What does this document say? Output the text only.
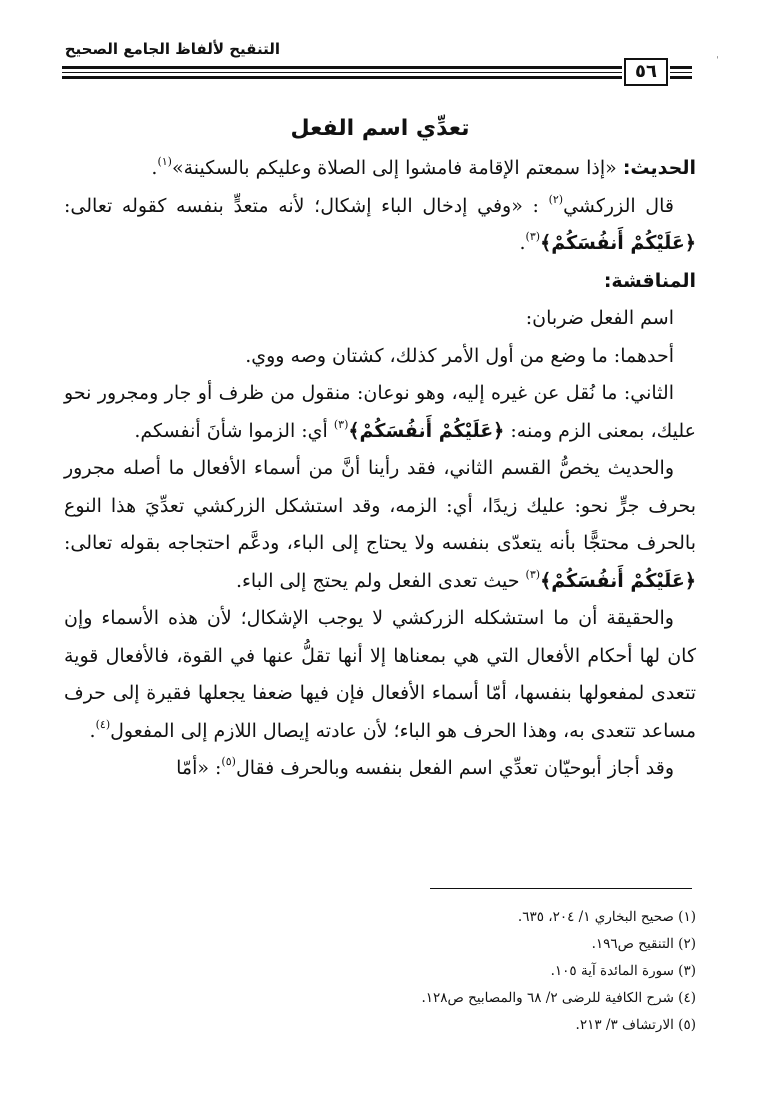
التنقيح لألفاظ الجامع الصحيح
٥٦	ˈ
تعدِّي اسم الفعل

الحديث: «إذا سمعتم الإقامة فامشوا إلى الصلاة وعليكم بالسكينة»$^{(١)}$.

قال الزركشي$^{(٢)}$ : «وفي إدخال الباء إشكال؛ لأنه متعدٍّ بنفسه كقوله تعالى: ﴿عَلَيْكُمْ أَنفُسَكُمْ﴾$^{(٣)}$.

المناقشة:

اسم الفعل ضربان:

أحدهما: ما وضع من أول الأمر كذلك، كشتان وصه ووي.

الثاني: ما نُقل عن غيره إليه، وهو نوعان: منقول من ظرف أو جار ومجرور نحو عليك، بمعنى الزم ومنه: ﴿عَلَيْكُمْ أَنفُسَكُمْ﴾$^{(٣)}$ أي: الزموا شأنَ أنفسكم.

والحديث يخصُّ القسم الثاني، فقد رأينا أنَّ من أسماء الأفعال ما أصله مجرور بحرف جرٍّ نحو: عليك زيدًا، أي: الزمه، وقد استشكل الزركشي تعدِّيَ هذا النوع بالحرف محتجًّا بأنه يتعدّى بنفسه ولا يحتاج إلى الباء، ودعَّم احتجاجه بقوله تعالى: ﴿عَلَيْكُمْ أَنفُسَكُمْ﴾$^{(٣)}$ حيث تعدى الفعل ولم يحتج إلى الباء.

والحقيقة أن ما استشكله الزركشي لا يوجب الإشكال؛ لأن هذه الأسماء وإن كان لها أحكام الأفعال التي هي بمعناها إلا أنها تقلُّ عنها في القوة، فالأفعال قوية تتعدى لمفعولها بنفسها، أمّا أسماء الأفعال فإن فيها ضعفا يجعلها فقيرة إلى حرف مساعد تتعدى به، وهذا الحرف هو الباء؛ لأن عادته إيصال اللازم إلى المفعول$^{(٤)}$.

وقد أجاز أبوحيّان تعدِّي اسم الفعل بنفسه وبالحرف فقال$^{(٥)}$: «أمّا

(١) صحيح البخاري ١/ ٢٠٤، ٦٣٥.
(٢) التنقيح ص١٩٦.
(٣) سورة المائدة آية ١٠٥.
(٤) شرح الكافية للرضى ٢/ ٦٨ والمصابيح ص١٢٨.
(٥) الارتشاف ٣/ ٢١٣.
